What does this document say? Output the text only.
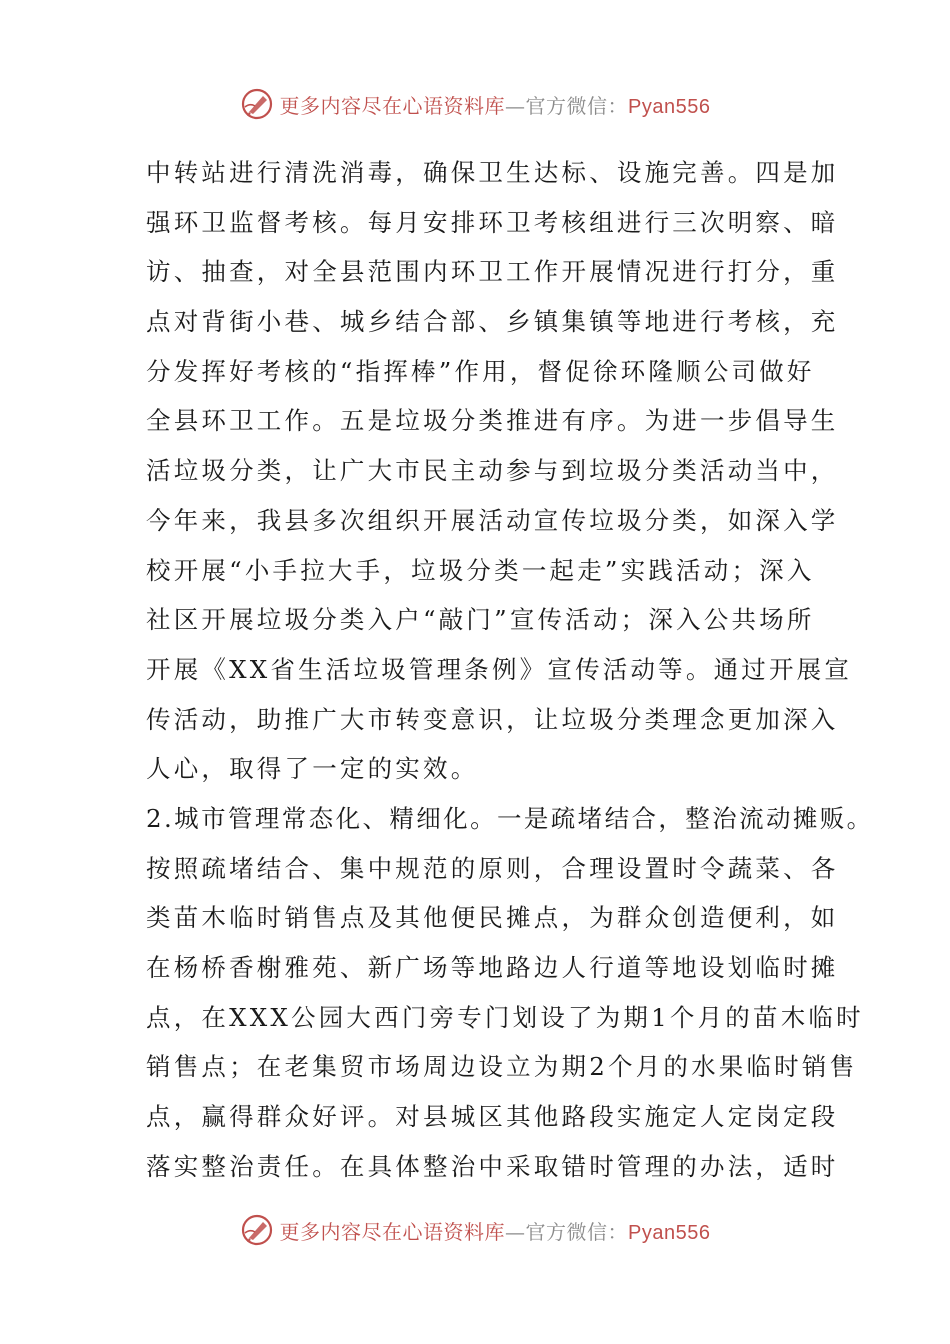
更多内容尽在心语资料库—官方微信：Pyan556
中转站进行清洗消毒，确保卫生达标、设施完善。四是加
强环卫监督考核。每月安排环卫考核组进行三次明察、暗
访、抽查，对全县范围内环卫工作开展情况进行打分，重
点对背街小巷、城乡结合部、乡镇集镇等地进行考核，充
分发挥好考核的“指挥棒”作用，督促徐环隆顺公司做好
全县环卫工作。五是垃圾分类推进有序。为进一步倡导生
活垃圾分类，让广大市民主动参与到垃圾分类活动当中，
今年来，我县多次组织开展活动宣传垃圾分类，如深入学
校开展“小手拉大手，垃圾分类一起走”实践活动；深入
社区开展垃圾分类入户“敲门”宣传活动；深入公共场所
开展《XX省生活垃圾管理条例》宣传活动等。通过开展宣
传活动，助推广大市转变意识，让垃圾分类理念更加深入
人心，取得了一定的实效。
2.城市管理常态化、精细化。一是疏堵结合，整治流动摊贩。
按照疏堵结合、集中规范的原则，合理设置时令蔬菜、各
类苗木临时销售点及其他便民摊点，为群众创造便利，如
在杨桥香榭雅苑、新广场等地路边人行道等地设划临时摊
点，在XXX公园大西门旁专门划设了为期1个月的苗木临时
销售点；在老集贸市场周边设立为期2个月的水果临时销售
点，赢得群众好评。对县城区其他路段实施定人定岗定段
落实整治责任。在具体整治中采取错时管理的办法，适时
更多内容尽在心语资料库—官方微信：Pyan556
